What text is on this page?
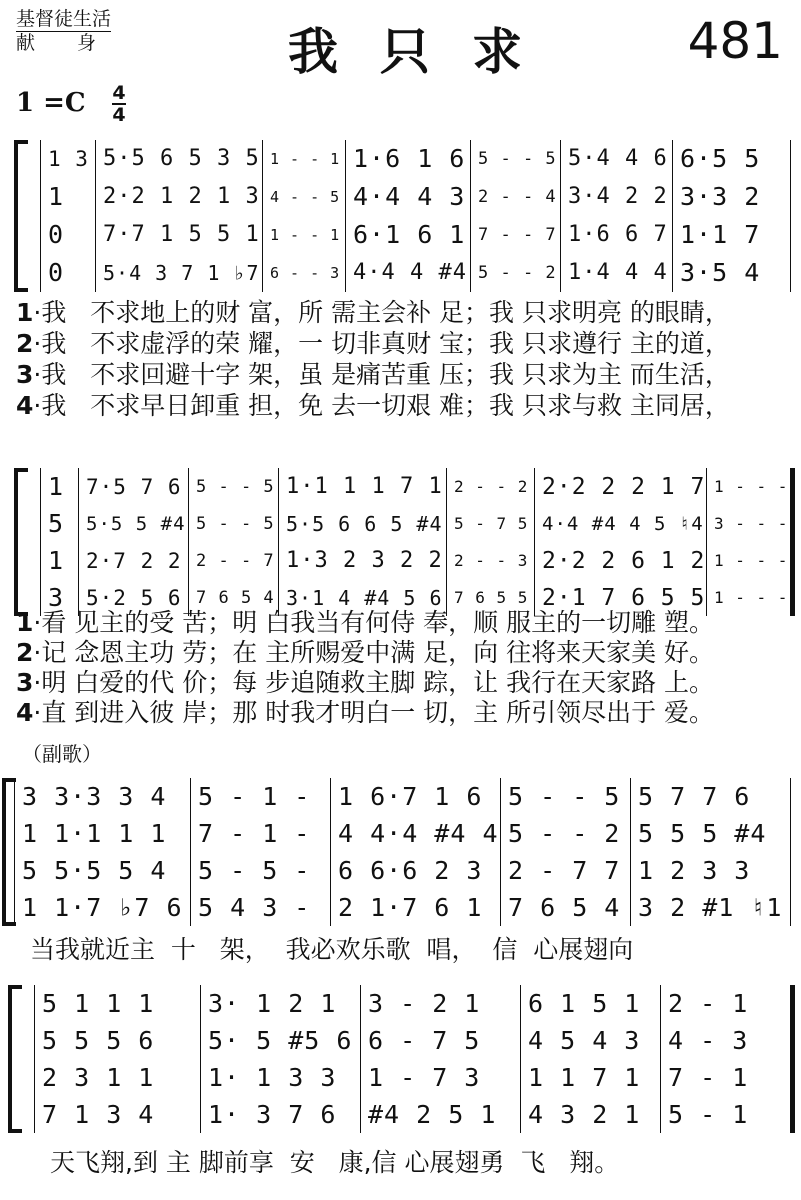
基督徒生活
献 身	我只求 481
1 =C 4
4
（副歌）
1 3
1
0
0
5·5 6 5 3 5
2·2 1 2 1 3
7·7 1 5 5 1
5·4 3 7 1 ♭7
1 - - 1
4 - - 5
1 - - 1
6 - - 3
1·6 1 6
4·4 4 3
6·1 6 1
4·4 4 #4
5 - - 5
2 - - 4
7 - - 7
5 - - 2
5·4 4 6
3·4 2 2
1·6 6 7
1·4 4 4
6·5 5
3·3 2
1·1 7
3·5 4
1·我   不求地上的财 富，所 需主会补 足；我 只求明亮 的眼睛，
2·我   不求虚浮的荣 耀，一 切非真财 宝；我 只求遵行 主的道，
3·我   不求回避十字 架，虽 是痛苦重 压；我 只求为主 而生活，
4·我   不求早日卸重 担，免 去一切艰 难；我 只求与救 主同居，
1
5
1
3
7·5 7 6
5·5 5 #4
2·7 2 2
5·2 5 6
5 - - 5
5 - - 5
2 - - 7
7 6 5 4
1·1 1 1 7 1
5·5 6 6 5 #4
1·3 2 3 2 2
3·1 4 #4 5 6
2 - - 2
5 - 7 5
2 - - 3
7 6 5 5
2·2 2 2 1 7
4·4 #4 4 5 ♮4
2·2 2 6 1 2
2·1 7 6 5 5
1 - - -
3 - - -
1 - - -
1 - - -
1·看 见主的受 苦；明 白我当有何侍 奉，顺 服主的一切雕 塑。
2·记 念恩主功 劳；在 主所赐爱中满 足，向 往将来天家美 好。
3·明 白爱的代 价；每 步追随救主脚 踪，让 我行在天家路 上。
4·直 到进入彼 岸；那 时我才明白一 切，主 所引领尽出于 爱。
3 3·3 3 4
1 1·1 1 1
5 5·5 5 4
1 1·7 ♭7 6
5 - 1 -
7 - 1 -
5 - 5 -
5 4 3 -
1 6·7 1 6
4 4·4 #4 4
6 6·6 2 3
2 1·7 6 1
5 - - 5
5 - - 2
2 - 7 7
7 6 5 4
5 7 7 6
5 5 5 #4
1 2 3 3
3 2 #1 ♮1
当我就近主  十   架，  我必欢乐歌  唱，  信  心展翅向
5 1 1 1
5 5 5 6
2 3 1 1
7 1 3 4
3· 1 2 1
5· 5 #5 6
1· 1 3 3
1· 3 7 6
3 - 2 1
6 - 7 5
1 - 7 3
#4 2 5 1
6 1 5 1
4 5 4 3
1 1 7 1
4 3 2 1
2 - 1
4 - 3
7 - 1
5 - 1
天飞翔,到 主 脚前享  安   康,信 心展翅勇  飞   翔。
